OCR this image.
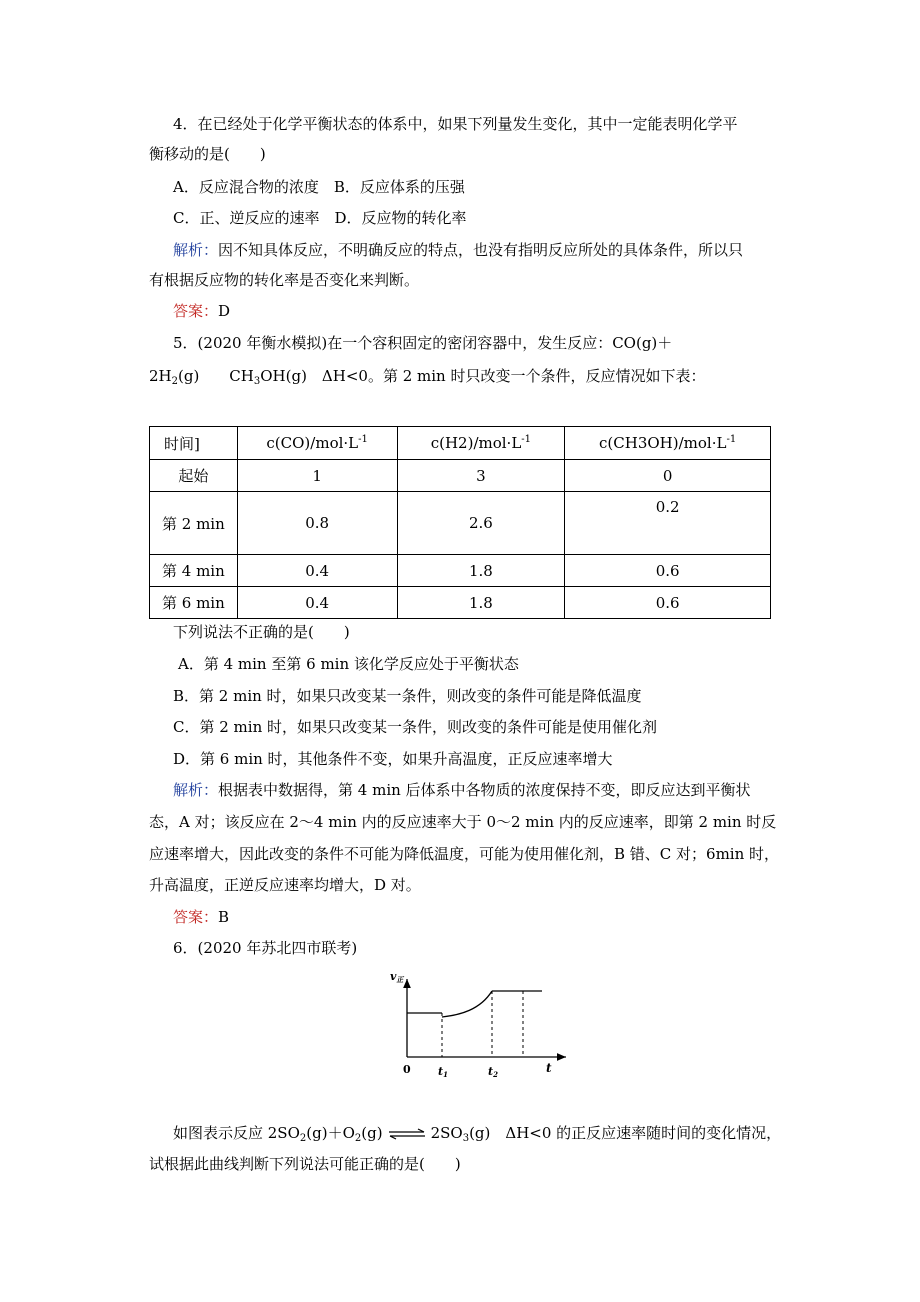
4．在已经处于化学平衡状态的体系中，如果下列量发生变化，其中一定能表明化学平
衡移动的是(　　)
A．反应混合物的浓度　B．反应体系的压强
C．正、逆反应的速率　D．反应物的转化率
解析：因不知具体反应，不明确反应的特点，也没有指明反应所处的具体条件，所以只
有根据反应物的转化率是否变化来判断。
答案：D
5．(2020 年衡水模拟)在一个容积固定的密闭容器中，发生反应：CO(g)＋
$2H_2(g)$　　$CH_3OH(g)$　ΔH<0。第 2 min 时只改变一个条件，反应情况如下表：
时间]	$c(CO)/mol\cdot L^{-1}$	$c(H2)/mol\cdot L^{-1}$	$c(CH3OH)/mol\cdot L^{-1}$
起始	1	3	0
第 2 min	0.8	2.6	0.2
第 4 min	0.4	1.8	0.6
第 6 min	0.4	1.8	0.6
下列说法不正确的是(　　)
A．第 4 min 至第 6 min 该化学反应处于平衡状态
B．第 2 min 时，如果只改变某一条件，则改变的条件可能是降低温度
C．第 2 min 时，如果只改变某一条件，则改变的条件可能是使用催化剂
D．第 6 min 时，其他条件不变，如果升高温度，正反应速率增大
解析：根据表中数据得，第 4 min 后体系中各物质的浓度保持不变，即反应达到平衡状
态，A 对；该反应在 2～4 min 内的反应速率大于 0～2 min 内的反应速率，即第 2 min 时反
应速率增大，因此改变的条件不可能为降低温度，可能为使用催化剂，B 错、C 对；6min 时，
升高温度，正逆反应速率均增大，D 对。
答案：B
6．(2020 年苏北四市联考)
v正
0 t1	t2	t
如图表示反应 $2SO_2(g)+O_2(g)$ ⇌ $2SO_3(g)$　ΔH<0 的正反应速率随时间的变化情况，
试根据此曲线判断下列说法可能正确的是(　　)
